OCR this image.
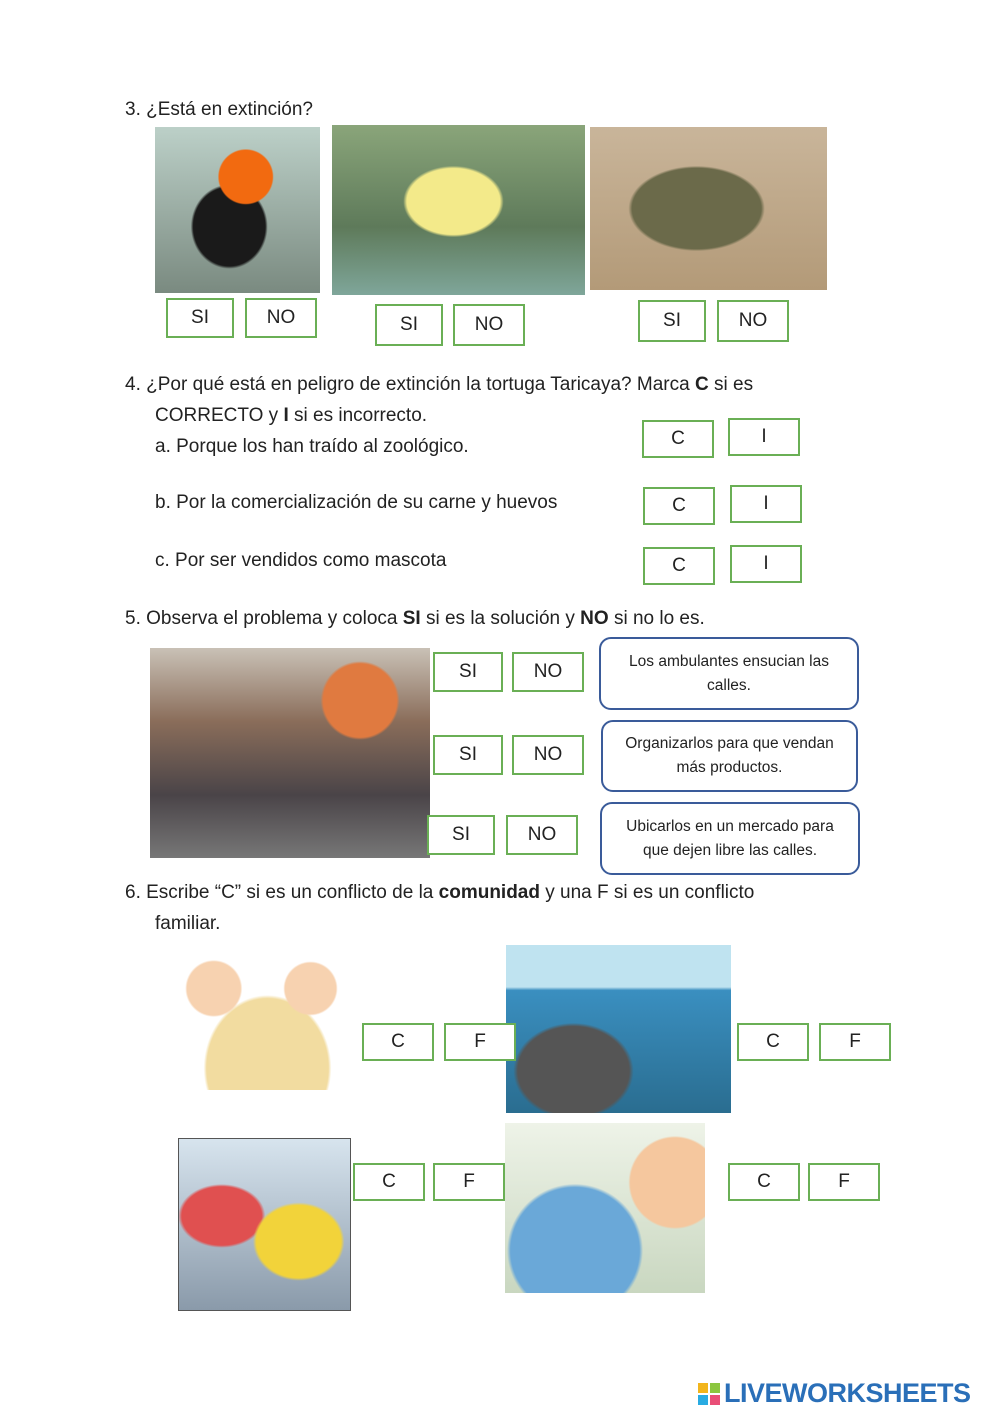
3. ¿Está en extinción?
SI	NO	SI	NO	SI	NO
4. ¿Por qué está en peligro de extinción la tortuga Taricaya? Marca C si es
CORRECTO y I si es incorrecto.
a. Porque los han traído al zoológico.
b. Por la comercialización de su carne y huevos
c. Por ser vendidos como mascota
C	I
C	I
C	I
5. Observa el problema y coloca SI si es la solución y NO si no lo es.
SI	NO
SI	NO
SI	NO
Los ambulantes ensucian las calles.
Organizarlos para que vendan más productos.
Ubicarlos en un mercado para que dejen libre las calles.
6. Escribe “C” si es un conflicto de la comunidad y una F si es un conflicto
familiar.
C	F	C	F
C	F	C	F
LIVEWORKSHEETS
